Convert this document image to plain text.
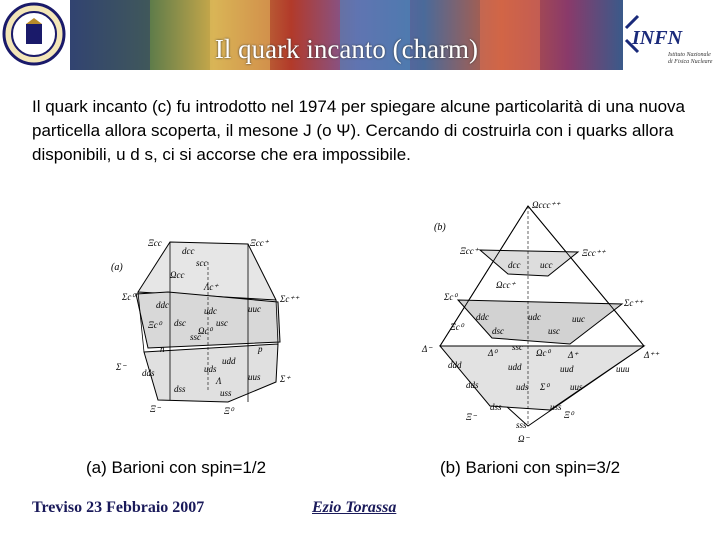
Il quark incanto (charm)	INFN
Istituto Nazionale
di Fisica Nucleare
Il quark incanto (c) fu introdotto nel 1974 per spiegare alcune particolarità di una nuova particella allora scoperta, il mesone J (o Ψ). Cercando di costruirla con i quarks allora disponibili, u d s, ci si accorse che era impossibile.
(a)
Ξcc	Ξcc⁺
dcc
scc
Ωcc
Λc⁺
Σc⁰	Σc⁺⁺
ddc
udc	uuc
Ξc⁰ dsc	usc
Ωc⁰
ssc
n	p
udd
Σ⁻
Σ⁺
dds	uds
uus
Λ
dss	uss
Ξ⁻	Ξ⁰
(b)
Ωccc⁺⁺
Ξcc⁺	Ξcc⁺⁺
dcc ucc
Ωcc⁺
Σc⁰
Σc⁺⁺
ddc	udc	uuc
Ξc⁰	dsc	usc
ssc
Ωc⁰
Δ⁻	Δ⁰	Δ⁺	Δ⁺⁺
ddd	udd	uud	uuu
dds	uds Σ⁰ uus
dss	uss
sss
Ξ⁻	Ξ⁰
Ω⁻
(a) Barioni con spin=1/2	(b) Barioni con spin=3/2
Treviso 23 Febbraio 2007	Ezio Torassa
